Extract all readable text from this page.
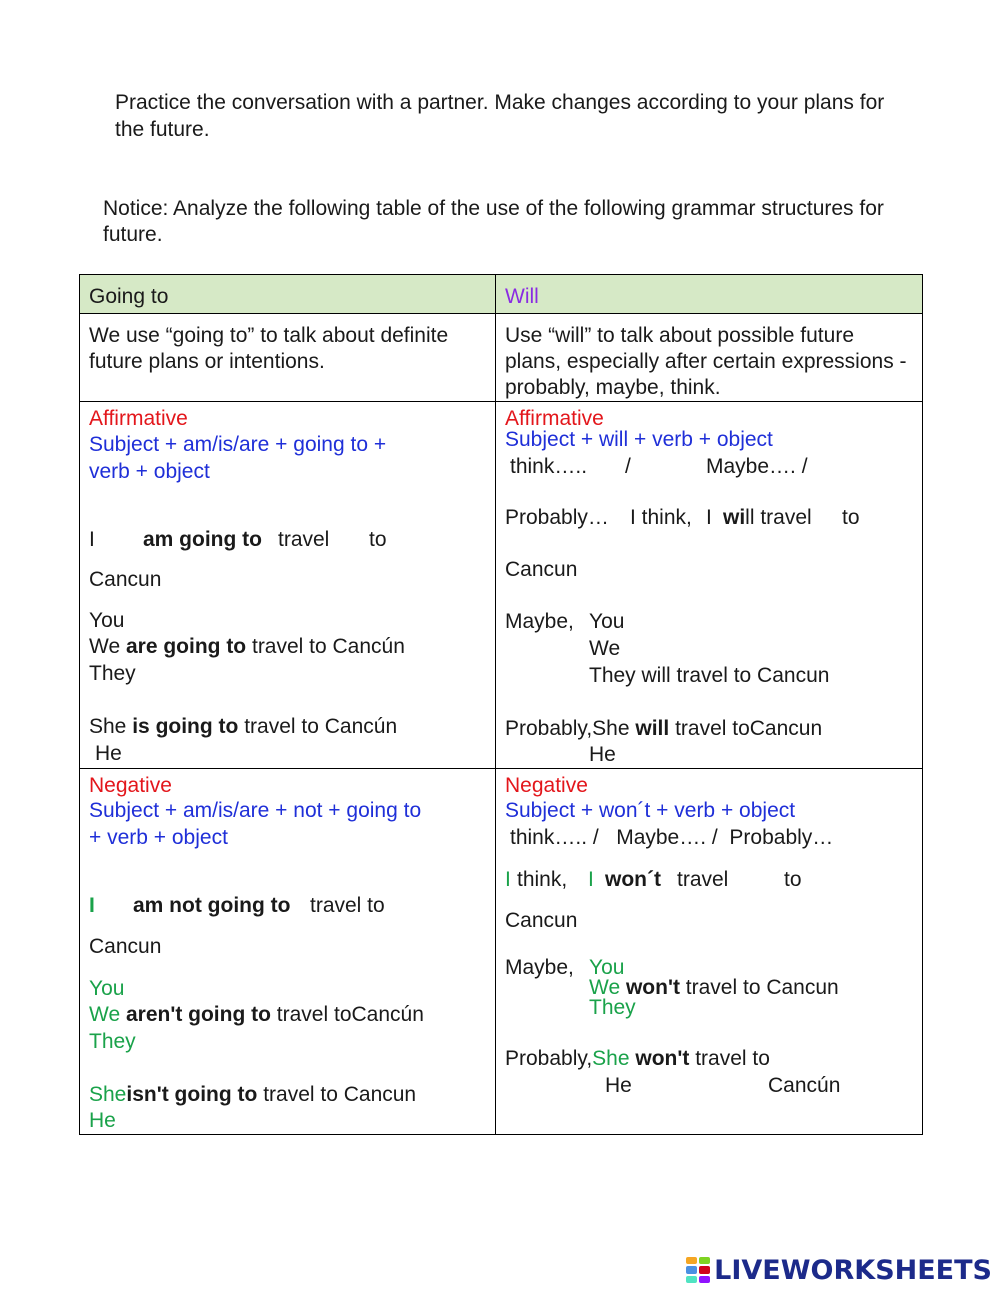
Practice the conversation with a partner. Make changes according to your plans for
the future.
Notice: Analyze the following table of the use of the following grammar structures for
future.
Going to	Will
We use “going to” to talk about definite future plans or intentions.
Use “will” to talk about possible future plans, especially after certain expressions - probably, maybe, think.
Affirmative
Subject + am/is/are + going to +
verb + object
I am going to travel to
Cancun
You
We are going to travel to Cancún
They
She is going to travel to Cancún
He
Affirmative
Subject + will + verb + object
think….. /	Maybe…. /
Probably… I think, I will travel to
Cancun
Maybe, You
We
They will travel to Cancun
Probably,She will travel toCancun
He
Negative
Subject + am/is/are + not + going to
+ verb + object
I am not going to travel to
Cancun
You
We aren't going to travel toCancún
They
Sheisn't going to travel to Cancun
He
Negative
Subject + won´t + verb + object
think….. /   Maybe…. /  Probably…
I think, I won´t travel	to
Cancun
Maybe, You
We won't travel to Cancun
They
Probably,She won't travel to
He	Cancún
LIVEWORKSHEETS
